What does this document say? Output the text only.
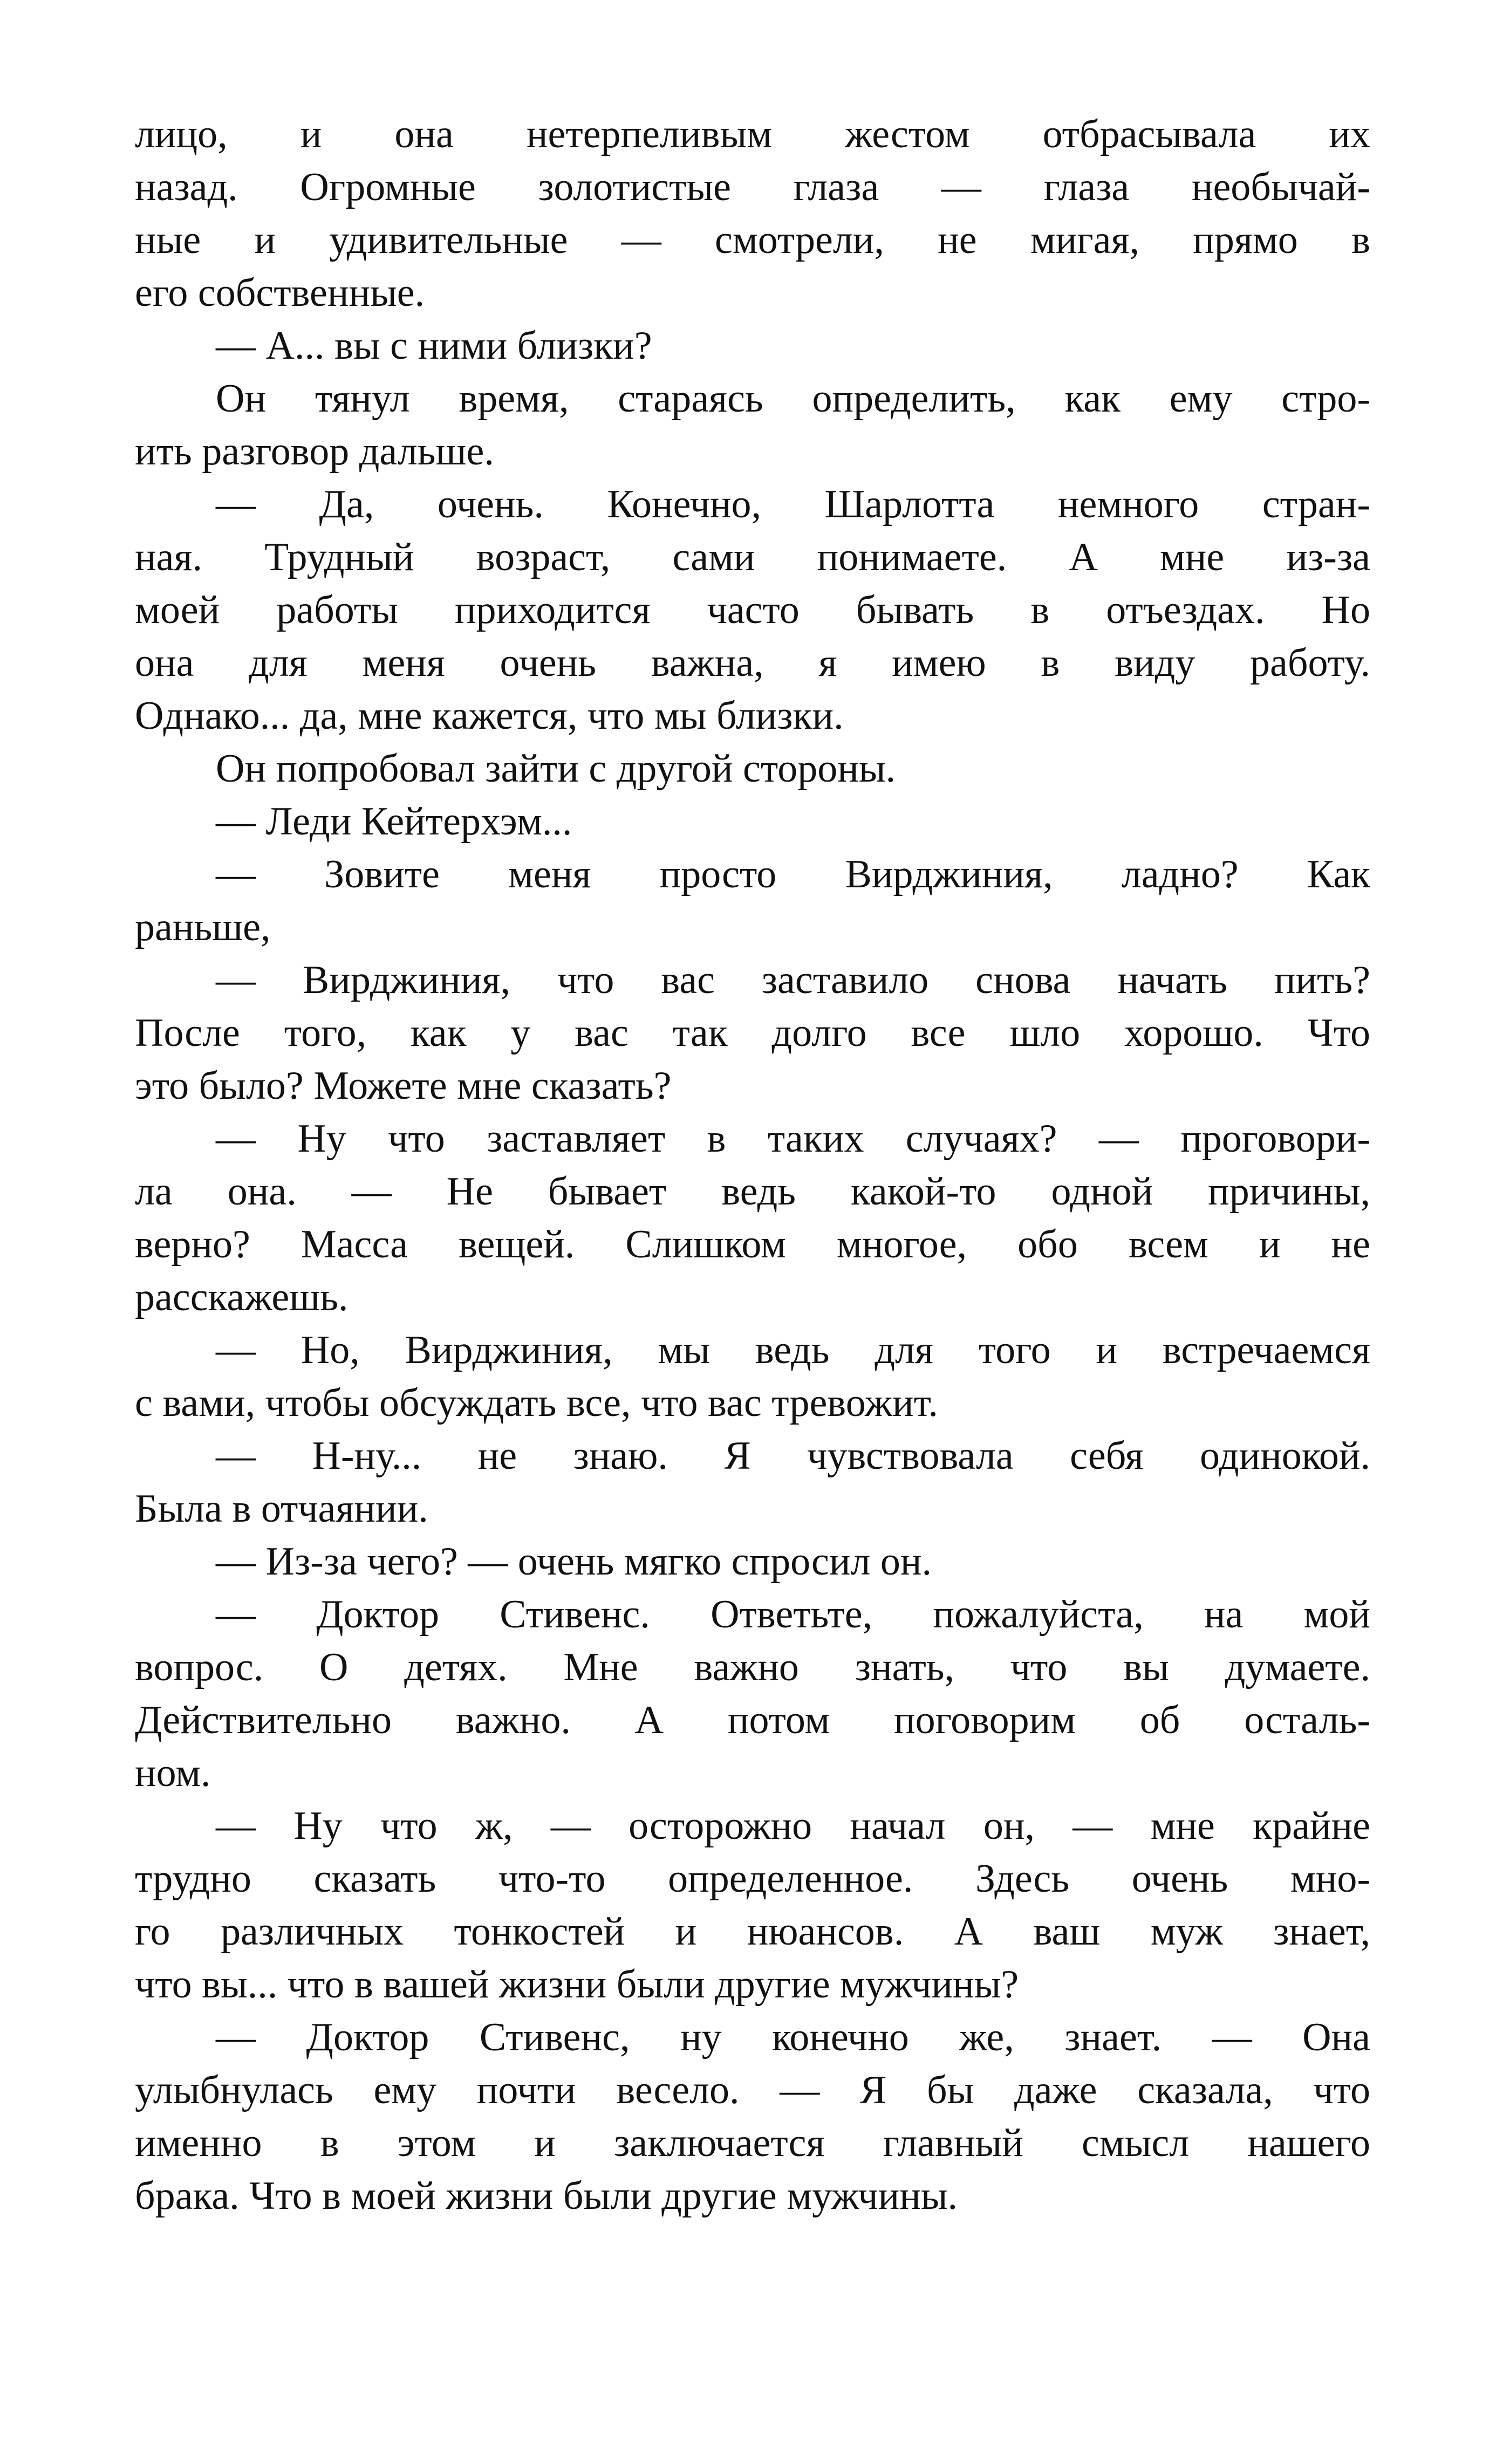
лицо, и она нетерпеливым жестом отбрасывала их
назад. Огромные золотистые глаза — глаза необычай-
ные и удивительные — смотрели, не мигая, прямо в
его собственные.
— А... вы с ними близки?
Он тянул время, стараясь определить, как ему стро-
ить разговор дальше.
— Да, очень. Конечно, Шарлотта немного стран-
ная. Трудный возраст, сами понимаете. А мне из-за
моей работы приходится часто бывать в отъездах. Но
она для меня очень важна, я имею в виду работу.
Однако... да, мне кажется, что мы близки.
Он попробовал зайти с другой стороны.
— Леди Кейтерхэм...
— Зовите меня просто Вирджиния, ладно? Как
раньше,
— Вирджиния, что вас заставило снова начать пить?
После того, как у вас так долго все шло хорошо. Что
это было? Можете мне сказать?
— Ну что заставляет в таких случаях? — проговори-
ла она. — Не бывает ведь какой-то одной причины,
верно? Масса вещей. Слишком многое, обо всем и не
расскажешь.
— Но, Вирджиния, мы ведь для того и встречаемся
с вами, чтобы обсуждать все, что вас тревожит.
— Н-ну... не знаю. Я чувствовала себя одинокой.
Была в отчаянии.
— Из-за чего? — очень мягко спросил он.
— Доктор Стивенс. Ответьте, пожалуйста, на мой
вопрос. О детях. Мне важно знать, что вы думаете.
Действительно важно. А потом поговорим об осталь-
ном.
— Ну что ж, — осторожно начал он, — мне крайне
трудно сказать что-то определенное. Здесь очень мно-
го различных тонкостей и нюансов. А ваш муж знает,
что вы... что в вашей жизни были другие мужчины?
— Доктор Стивенс, ну конечно же, знает. — Она
улыбнулась ему почти весело. — Я бы даже сказала, что
именно в этом и заключается главный смысл нашего
брака. Что в моей жизни были другие мужчины.
